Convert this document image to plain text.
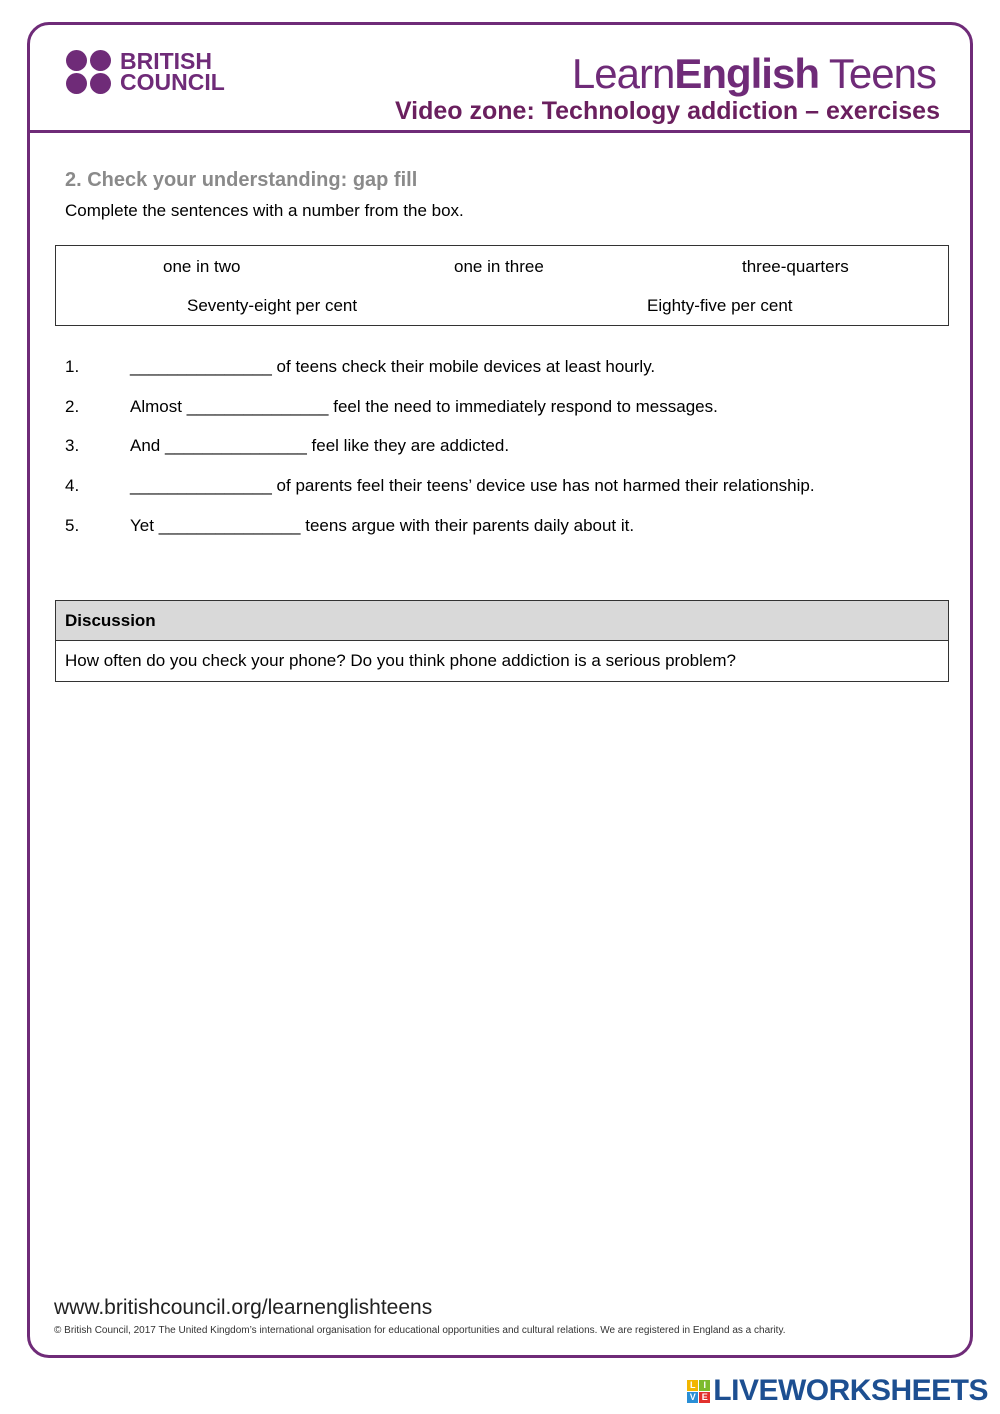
BRITISH
COUNCIL	LearnEnglish Teens
Video zone: Technology addiction – exercises
2. Check your understanding: gap fill
Complete the sentences with a number from the box.
one in two	one in three	three-quarters
Seventy-eight per cent	Eighty-five per cent
1.	_______________ of teens check their mobile devices at least hourly.
2.	Almost _______________ feel the need to immediately respond to messages.
3.	And _______________ feel like they are addicted.
4.	_______________ of parents feel their teens’ device use has not harmed their relationship.
5.	Yet _______________ teens argue with their parents daily about it.
Discussion
How often do you check your phone? Do you think phone addiction is a serious problem?
www.britishcouncil.org/learnenglishteens
© British Council, 2017 The United Kingdom’s international organisation for educational opportunities and cultural relations. We are registered in England as a charity.
L I
V E LIVEWORKSHEETS
